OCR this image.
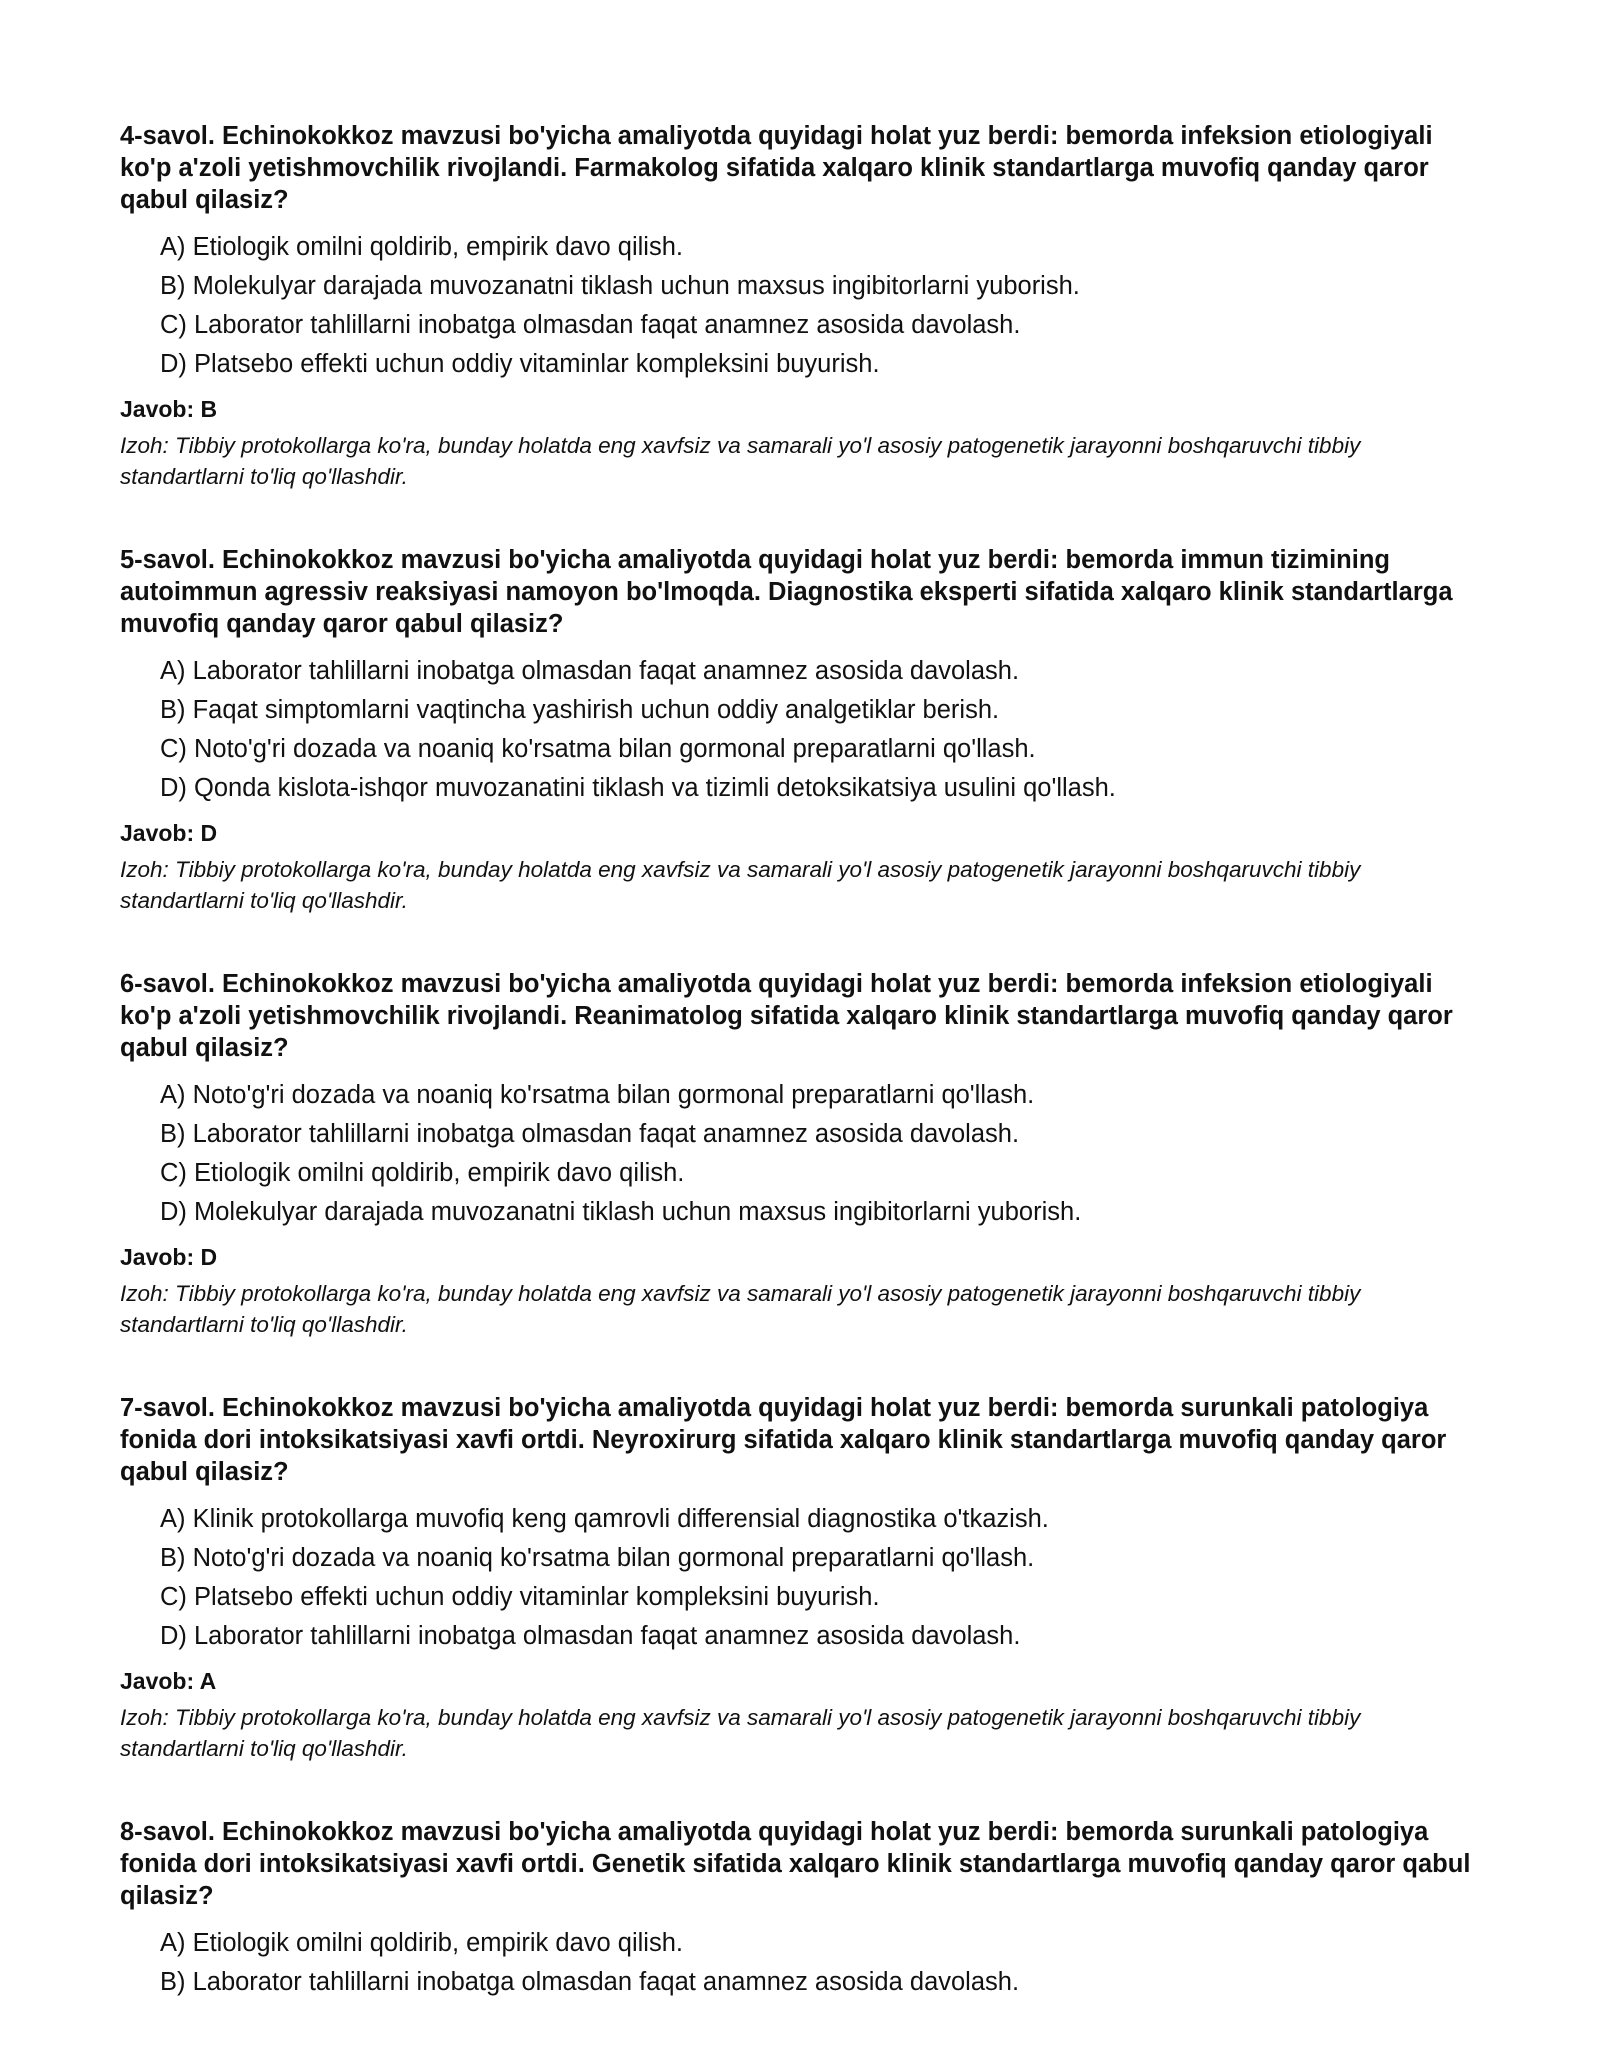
4-savol. Echinokokkoz mavzusi bo'yicha amaliyotda quyidagi holat yuz berdi: bemorda infeksion etiologiyali ko'p a'zoli yetishmovchilik rivojlandi. Farmakolog sifatida xalqaro klinik standartlarga muvofiq qanday qaror qabul qilasiz?
A) Etiologik omilni qoldirib, empirik davo qilish.
B) Molekulyar darajada muvozanatni tiklash uchun maxsus ingibitorlarni yuborish.
C) Laborator tahlillarni inobatga olmasdan faqat anamnez asosida davolash.
D) Platsebo effekti uchun oddiy vitaminlar kompleksini buyurish.
Javob: B
Izoh: Tibbiy protokollarga ko'ra, bunday holatda eng xavfsiz va samarali yo'l asosiy patogenetik jarayonni boshqaruvchi tibbiy standartlarni to'liq qo'llashdir.
5-savol. Echinokokkoz mavzusi bo'yicha amaliyotda quyidagi holat yuz berdi: bemorda immun tizimining autoimmun agressiv reaksiyasi namoyon bo'lmoqda. Diagnostika eksperti sifatida xalqaro klinik standartlarga muvofiq qanday qaror qabul qilasiz?
A) Laborator tahlillarni inobatga olmasdan faqat anamnez asosida davolash.
B) Faqat simptomlarni vaqtincha yashirish uchun oddiy analgetiklar berish.
C) Noto'g'ri dozada va noaniq ko'rsatma bilan gormonal preparatlarni qo'llash.
D) Qonda kislota-ishqor muvozanatini tiklash va tizimli detoksikatsiya usulini qo'llash.
Javob: D
Izoh: Tibbiy protokollarga ko'ra, bunday holatda eng xavfsiz va samarali yo'l asosiy patogenetik jarayonni boshqaruvchi tibbiy standartlarni to'liq qo'llashdir.
6-savol. Echinokokkoz mavzusi bo'yicha amaliyotda quyidagi holat yuz berdi: bemorda infeksion etiologiyali ko'p a'zoli yetishmovchilik rivojlandi. Reanimatolog sifatida xalqaro klinik standartlarga muvofiq qanday qaror qabul qilasiz?
A) Noto'g'ri dozada va noaniq ko'rsatma bilan gormonal preparatlarni qo'llash.
B) Laborator tahlillarni inobatga olmasdan faqat anamnez asosida davolash.
C) Etiologik omilni qoldirib, empirik davo qilish.
D) Molekulyar darajada muvozanatni tiklash uchun maxsus ingibitorlarni yuborish.
Javob: D
Izoh: Tibbiy protokollarga ko'ra, bunday holatda eng xavfsiz va samarali yo'l asosiy patogenetik jarayonni boshqaruvchi tibbiy standartlarni to'liq qo'llashdir.
7-savol. Echinokokkoz mavzusi bo'yicha amaliyotda quyidagi holat yuz berdi: bemorda surunkali patologiya fonida dori intoksikatsiyasi xavfi ortdi. Neyroxirurg sifatida xalqaro klinik standartlarga muvofiq qanday qaror qabul qilasiz?
A) Klinik protokollarga muvofiq keng qamrovli differensial diagnostika o'tkazish.
B) Noto'g'ri dozada va noaniq ko'rsatma bilan gormonal preparatlarni qo'llash.
C) Platsebo effekti uchun oddiy vitaminlar kompleksini buyurish.
D) Laborator tahlillarni inobatga olmasdan faqat anamnez asosida davolash.
Javob: A
Izoh: Tibbiy protokollarga ko'ra, bunday holatda eng xavfsiz va samarali yo'l asosiy patogenetik jarayonni boshqaruvchi tibbiy standartlarni to'liq qo'llashdir.
8-savol. Echinokokkoz mavzusi bo'yicha amaliyotda quyidagi holat yuz berdi: bemorda surunkali patologiya fonida dori intoksikatsiyasi xavfi ortdi. Genetik sifatida xalqaro klinik standartlarga muvofiq qanday qaror qabul qilasiz?
A) Etiologik omilni qoldirib, empirik davo qilish.
B) Laborator tahlillarni inobatga olmasdan faqat anamnez asosida davolash.
